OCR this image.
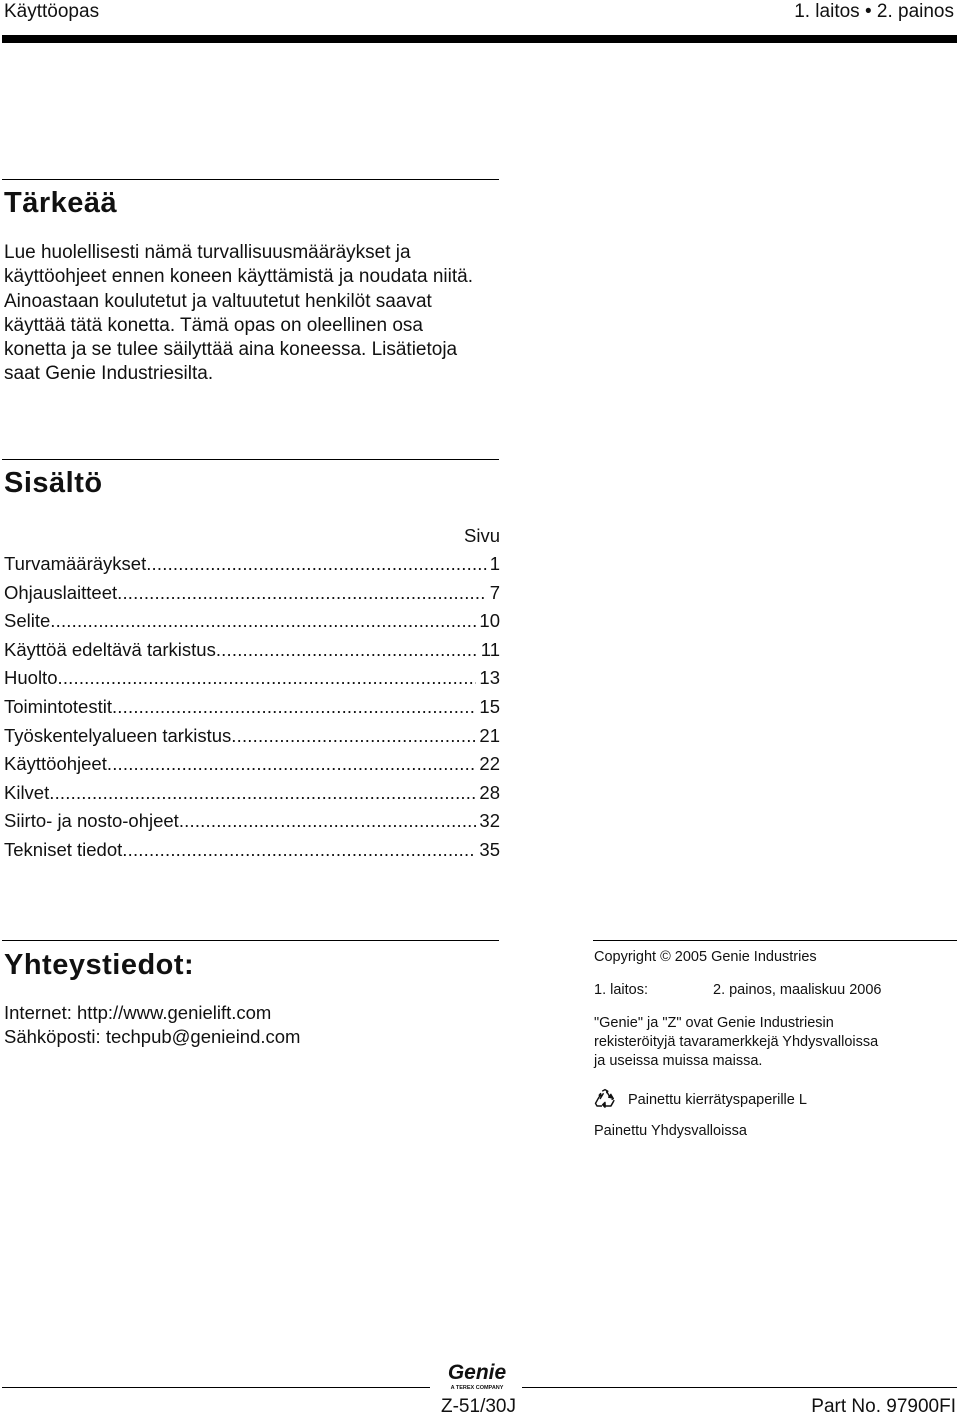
Käyttöopas	1. laitos • 2. painos
Tärkeää
Lue huolellisesti nämä turvallisuusmääräykset ja
käyttöohjeet ennen koneen käyttämistä ja noudata niitä.
Ainoastaan koulutetut ja valtuutetut henkilöt saavat
käyttää tätä konetta. Tämä opas on oleellinen osa
konetta ja se tulee säilyttää aina koneessa. Lisätietoja
saat Genie Industriesilta.
Sisältö
Sivu
Turvamääräykset .....	1
Ohjauslaitteet .....	7
Selite .....	10
Käyttöä edeltävä tarkistus .....	11
Huolto .....	13
Toimintotestit .....	15
Työskentelyalueen tarkistus .....	21
Käyttöohjeet .....	22
Kilvet .....	28
Siirto- ja nosto-ohjeet .....	32
Tekniset tiedot .....	35
Yhteystiedot:
Internet: http://www.genielift.com
Sähköposti: techpub@genieind.com
Copyright © 2005 Genie Industries
1. laitos:	2. painos, maaliskuu 2006
"Genie" ja "Z" ovat Genie Industriesin
rekisteröityjä tavaramerkkejä Yhdysvalloissa
ja useissa muissa maissa.
Painettu kierrätyspaperille L
Painettu Yhdysvalloissa
Genie
A TEREX COMPANY
Z-51/30J	Part No. 97900FI
